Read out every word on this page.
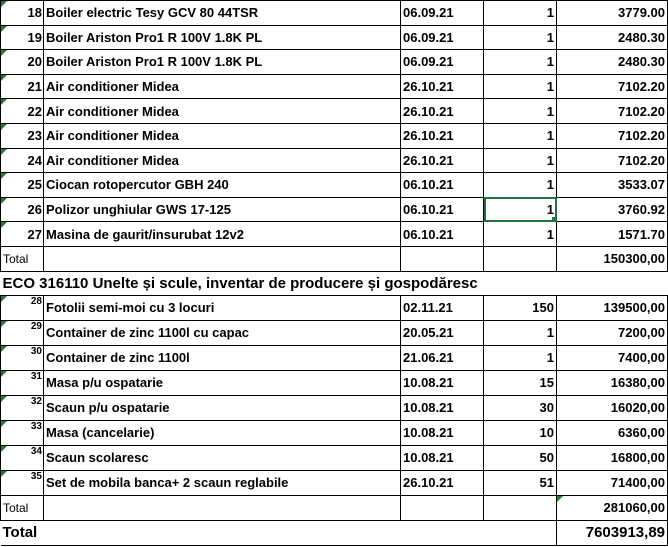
18	Boiler electric Tesy GCV 80 44TSR	06.09.21	1	3779.00
19	Boiler Ariston Pro1 R 100V 1.8K PL	06.09.21	1	2480.30
20	Boiler Ariston Pro1 R 100V 1.8K PL	06.09.21	1	2480.30
21	Air conditioner Midea	26.10.21	1	7102.20
22	Air conditioner Midea	26.10.21	1	7102.20
23	Air conditioner Midea	26.10.21	1	7102.20
24	Air conditioner Midea	26.10.21	1	7102.20
25	Ciocan rotopercutor GBH 240	06.10.21	1	3533.07
26	Polizor unghiular GWS 17-125	06.10.21	1	3760.92
27	Masina de gaurit/insurubat 12v2	06.10.21	1	1571.70
Total				150300,00
ECO 316110 Unelte și scule, inventar de producere și gospodăresc				
28	Fotolii semi-moi cu 3 locuri	02.11.21	150	139500,00
29	Container de zinc 1100l cu capac	20.05.21	1	7200,00
30	Container de zinc 1100l	21.06.21	1	7400,00
31	Masa p/u ospatarie	10.08.21	15	16380,00
32	Scaun p/u ospatarie	10.08.21	30	16020,00
33	Masa (cancelarie)	10.08.21	10	6360,00
34	Scaun scolaresc	10.08.21	50	16800,00
35	Set de mobila banca+ 2 scaun reglabile	26.10.21	51	71400,00
Total				281060,00
Total				7603913,89
